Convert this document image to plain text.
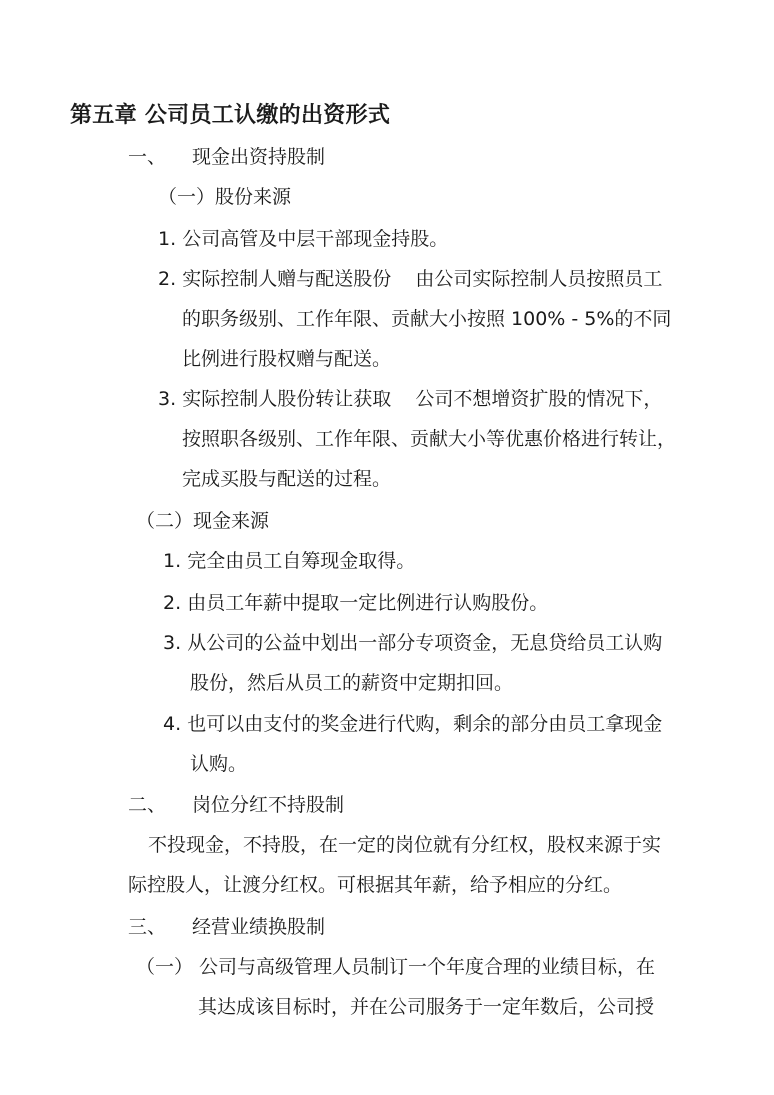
第五章 公司员工认缴的出资形式
一、 现金出资持股制
（一）股份来源
1. 公司高管及中层干部现金持股。
2. 实际控制人赠与配送股份    由公司实际控制人员按照员工
的职务级别、工作年限、贡献大小按照 100% - 5%的不同
比例进行股权赠与配送。
3. 实际控制人股份转让获取    公司不想增资扩股的情况下，
按照职各级别、工作年限、贡献大小等优惠价格进行转让，
完成买股与配送的过程。
（二）现金来源
1. 完全由员工自筹现金取得。
2. 由员工年薪中提取一定比例进行认购股份。
3. 从公司的公益中划出一部分专项资金，无息贷给员工认购
股份，然后从员工的薪资中定期扣回。
4. 也可以由支付的奖金进行代购，剩余的部分由员工拿现金
认购。
二、 岗位分红不持股制
不投现金，不持股，在一定的岗位就有分红权，股权来源于实
际控股人，让渡分红权。可根据其年薪，给予相应的分红。
三、 经营业绩换股制
（一） 公司与高级管理人员制订一个年度合理的业绩目标，在
其达成该目标时，并在公司服务于一定年数后，公司授
